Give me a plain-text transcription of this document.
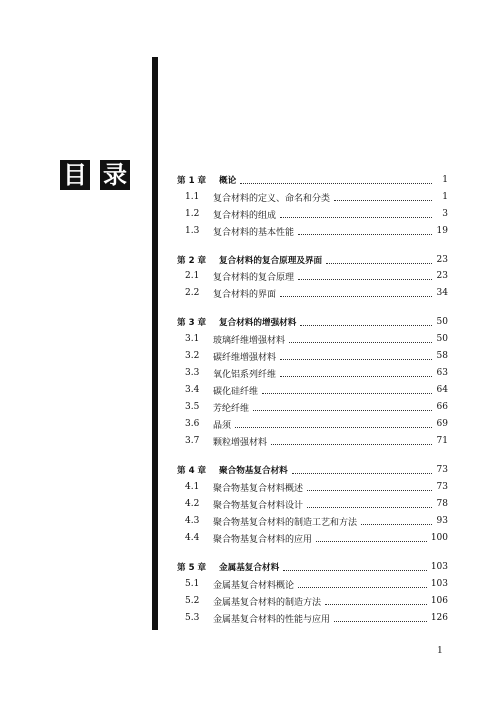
目 录	第 1 章	概论	1
1.1	复合材料的定义、命名和分类	1
1.2	复合材料的组成	3
1.3	复合材料的基本性能	19
第 2 章	复合材料的复合原理及界面	23
2.1	复合材料的复合原理	23
2.2	复合材料的界面	34
第 3 章	复合材料的增强材料	50
3.1	玻璃纤维增强材料	50
3.2	碳纤维增强材料	58
3.3	氧化铝系列纤维	63
3.4	碳化硅纤维	64
3.5	芳纶纤维	66
3.6	晶须	69
3.7	颗粒增强材料	71
第 4 章	聚合物基复合材料	73
4.1	聚合物基复合材料概述	73
4.2	聚合物基复合材料设计	78
4.3	聚合物基复合材料的制造工艺和方法	93
4.4	聚合物基复合材料的应用	100
第 5 章	金属基复合材料	103
5.1	金属基复合材料概论	103
5.2	金属基复合材料的制造方法	106
5.3	金属基复合材料的性能与应用	126
1
